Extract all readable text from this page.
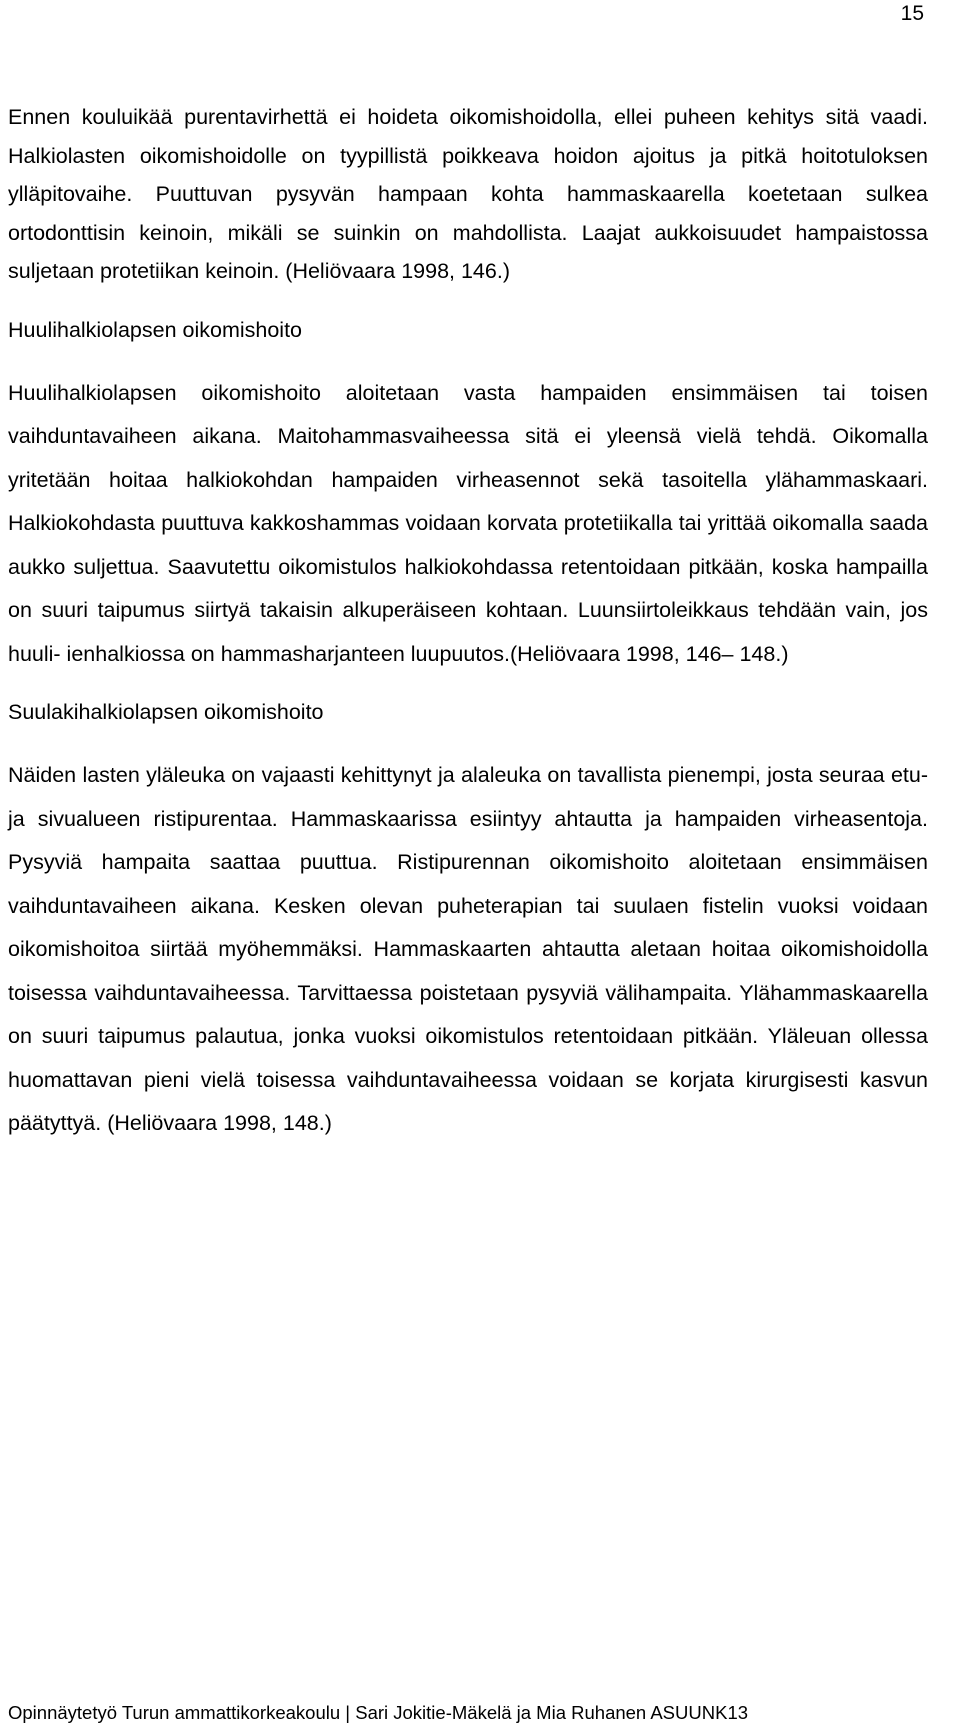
15

Ennen kouluikää purentavirhettä ei hoideta oikomishoidolla, ellei puheen kehitys sitä vaadi. Halkiolasten oikomishoidolle on tyypillistä poikkeava hoidon ajoitus ja pitkä hoitotuloksen ylläpitovaihe. Puuttuvan pysyvän hampaan kohta hammaskaarella koetetaan sulkea ortodonttisin keinoin, mikäli se suinkin on mahdollista. Laajat aukkoisuudet hampaistossa suljetaan protetiikan keinoin. (Heliövaara 1998, 146.)

Huulihalkiolapsen oikomishoito

Huulihalkiolapsen oikomishoito aloitetaan vasta hampaiden ensimmäisen tai toisen vaihduntavaiheen aikana. Maitohammasvaiheessa sitä ei yleensä vielä tehdä. Oikomalla yritetään hoitaa halkiokohdan hampaiden virheasennot sekä tasoitella ylähammaskaari. Halkiokohdasta puuttuva kakkoshammas voidaan korvata protetiikalla tai yrittää oikomalla saada aukko suljettua. Saavutettu oikomistulos halkiokohdassa retentoidaan pitkään, koska hampailla on suuri taipumus siirtyä takaisin alkuperäiseen kohtaan. Luunsiirtoleikkaus tehdään vain, jos huuli- ienhalkiossa on hammasharjanteen luupuutos.(Heliövaara 1998, 146– 148.)

Suulakihalkiolapsen oikomishoito

Näiden lasten yläleuka on vajaasti kehittynyt ja alaleuka on tavallista pienempi, josta seuraa etu- ja sivualueen ristipurentaa. Hammaskaarissa esiintyy ahtautta ja hampaiden virheasentoja. Pysyviä hampaita saattaa puuttua. Ristipurennan oikomishoito aloitetaan ensimmäisen vaihduntavaiheen aikana. Kesken olevan puheterapian tai suulaen fistelin vuoksi voidaan oikomishoitoa siirtää myöhemmäksi. Hammaskaarten ahtautta aletaan hoitaa oikomishoidolla toisessa vaihduntavaiheessa. Tarvittaessa poistetaan pysyviä välihampaita. Ylähammaskaarella on suuri taipumus palautua, jonka vuoksi oikomistulos retentoidaan pitkään. Yläleuan ollessa huomattavan pieni vielä toisessa vaihduntavaiheessa voidaan se korjata kirurgisesti kasvun päätyttyä. (Heliövaara 1998, 148.)

Opinnäytetyö Turun ammattikorkeakoulu | Sari Jokitie-Mäkelä ja Mia Ruhanen ASUUNK13
